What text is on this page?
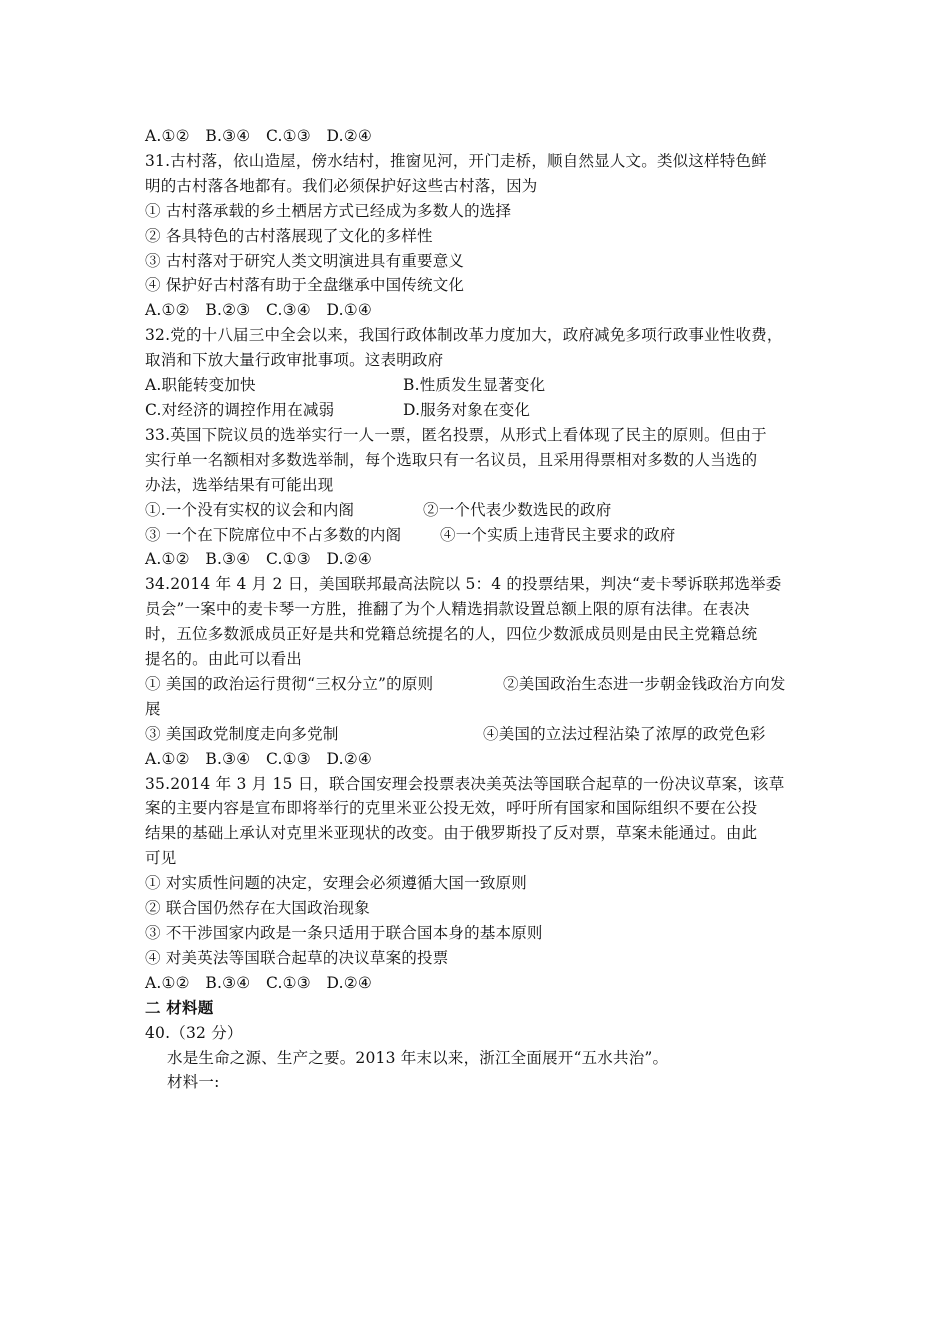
A.①②　B.③④　C.①③　D.②④
31.古村落，依山造屋，傍水结村，推窗见河，开门走桥，顺自然显人文。类似这样特色鲜
明的古村落各地都有。我们必须保护好这些古村落，因为
① 古村落承载的乡土栖居方式已经成为多数人的选择
② 各具特色的古村落展现了文化的多样性
③ 古村落对于研究人类文明演进具有重要意义
④ 保护好古村落有助于全盘继承中国传统文化
A.①②　B.②③　C.③④　D.①④
32.党的十八届三中全会以来，我国行政体制改革力度加大，政府减免多项行政事业性收费，
取消和下放大量行政审批事项。这表明政府
A.职能转变加快	B.性质发生显著变化
C.对经济的调控作用在减弱	D.服务对象在变化
33.英国下院议员的选举实行一人一票，匿名投票，从形式上看体现了民主的原则。但由于
实行单一名额相对多数选举制，每个选取只有一名议员，且采用得票相对多数的人当选的
办法，选举结果有可能出现
①.一个没有实权的议会和内阁	②一个代表少数选民的政府
③ 一个在下院席位中不占多数的内阁 ④一个实质上违背民主要求的政府
A.①②　B.③④　C.①③　D.②④
34.2014 年 4 月 2 日，美国联邦最高法院以 5：4 的投票结果，判决“麦卡琴诉联邦选举委
员会”一案中的麦卡琴一方胜，推翻了为个人精选捐款设置总额上限的原有法律。在表决
时，五位多数派成员正好是共和党籍总统提名的人，四位少数派成员则是由民主党籍总统
提名的。由此可以看出
① 美国的政治运行贯彻“三权分立”的原则	②美国政治生态进一步朝金钱政治方向发
展
③ 美国政党制度走向多党制	④美国的立法过程沾染了浓厚的政党色彩
A.①②　B.③④　C.①③　D.②④
35.2014 年 3 月 15 日，联合国安理会投票表决美英法等国联合起草的一份决议草案，该草
案的主要内容是宣布即将举行的克里米亚公投无效，呼吁所有国家和国际组织不要在公投
结果的基础上承认对克里米亚现状的改变。由于俄罗斯投了反对票，草案未能通过。由此
可见
① 对实质性问题的决定，安理会必须遵循大国一致原则
② 联合国仍然存在大国政治现象
③ 不干涉国家内政是一条只适用于联合国本身的基本原则
④ 对美英法等国联合起草的决议草案的投票
A.①②　B.③④　C.①③　D.②④
二 材料题
40.（32 分）
水是生命之源、生产之要。2013 年末以来，浙江全面展开“五水共治”。
材料一:
